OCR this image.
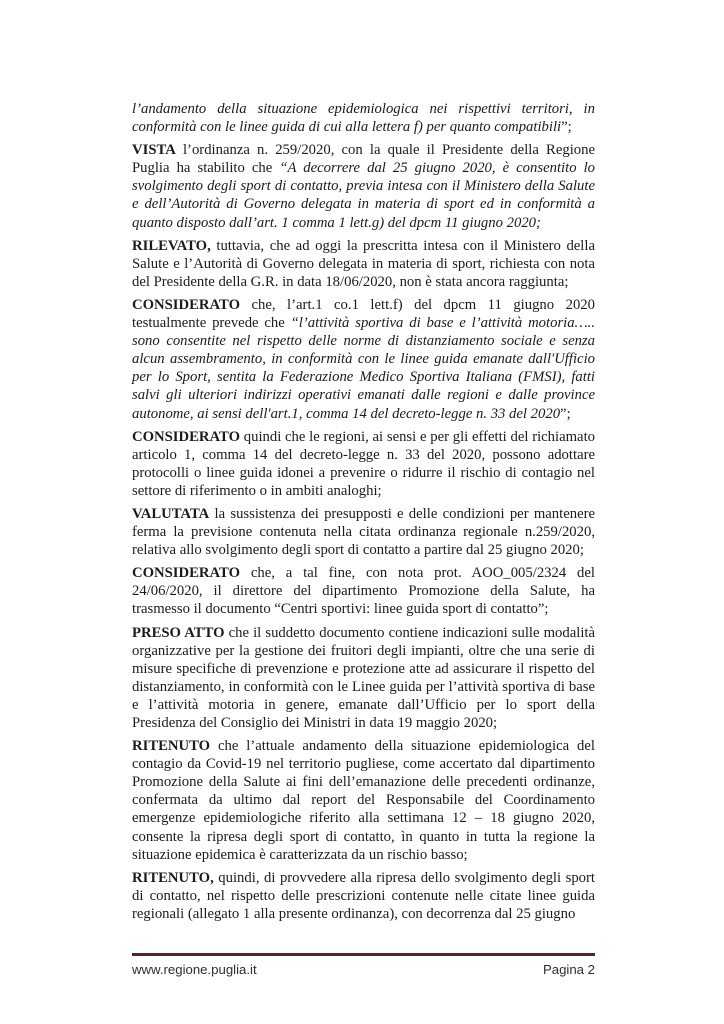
l’andamento della situazione epidemiologica nei rispettivi territori, in conformità con le linee guida di cui alla lettera f) per quanto compatibili”;

VISTA l’ordinanza n. 259/2020, con la quale il Presidente della Regione Puglia ha stabilito che “A decorrere dal 25 giugno 2020, è consentito lo svolgimento degli sport di contatto, previa intesa con il Ministero della Salute e dell’Autorità di Governo delegata in materia di sport ed in conformità a quanto disposto dall’art. 1 comma 1 lett.g) del dpcm 11 giugno 2020;

RILEVATO, tuttavia, che ad oggi la prescritta intesa con il Ministero della Salute e l’Autorità di Governo delegata in materia di sport, richiesta con nota del Presidente della G.R. in data 18/06/2020, non è stata ancora raggiunta;

CONSIDERATO che, l’art.1 co.1 lett.f) del dpcm 11 giugno 2020 testualmente prevede che “l’attività sportiva di base e l’attività motoria….. sono consentite nel rispetto delle norme di distanziamento sociale e senza alcun assembramento, in conformità con le linee guida emanate dall'Ufficio per lo Sport, sentita la Federazione Medico Sportiva Italiana (FMSI), fatti salvi gli ulteriori indirizzi operativi emanati dalle regioni e dalle province autonome, ai sensi dell'art.1, comma 14 del decreto-legge n. 33 del 2020”;

CONSIDERATO quindi che le regioni, ai sensi e per gli effetti del richiamato articolo 1, comma 14 del decreto-legge n. 33 del 2020, possono adottare protocolli o linee guida idonei a prevenire o ridurre il rischio di contagio nel settore di riferimento o in ambiti analoghi;

VALUTATA la sussistenza dei presupposti e delle condizioni per mantenere ferma la previsione contenuta nella citata ordinanza regionale n.259/2020, relativa allo svolgimento degli sport di contatto a partire dal 25 giugno 2020;

CONSIDERATO che, a tal fine, con nota prot. AOO_005/2324 del 24/06/2020, il direttore del dipartimento Promozione della Salute, ha trasmesso il documento “Centri sportivi: linee guida sport di contatto”;

PRESO ATTO che il suddetto documento contiene indicazioni sulle modalità organizzative per la gestione dei fruitori degli impianti, oltre che una serie di misure specifiche di prevenzione e protezione atte ad assicurare il rispetto del distanziamento, in conformità con le Linee guida per l’attività sportiva di base e l’attività motoria in genere, emanate dall’Ufficio per lo sport della Presidenza del Consiglio dei Ministri in data 19 maggio 2020;

RITENUTO che l’attuale andamento della situazione epidemiologica del contagio da Covid-19 nel territorio pugliese, come accertato dal dipartimento Promozione della Salute ai fini dell’emanazione delle precedenti ordinanze, confermata da ultimo dal report del Responsabile del Coordinamento emergenze epidemiologiche riferito alla settimana 12 – 18 giugno 2020, consente la ripresa degli sport di contatto, ìn quanto in tutta la regione la situazione epidemica è caratterizzata da un rischio basso;

RITENUTO, quindi, di provvedere alla ripresa dello svolgimento degli sport di contatto, nel rispetto delle prescrizioni contenute nelle citate linee guida regionali (allegato 1 alla presente ordinanza), con decorrenza dal 25 giugno

www.regione.puglia.it	Pagina 2
